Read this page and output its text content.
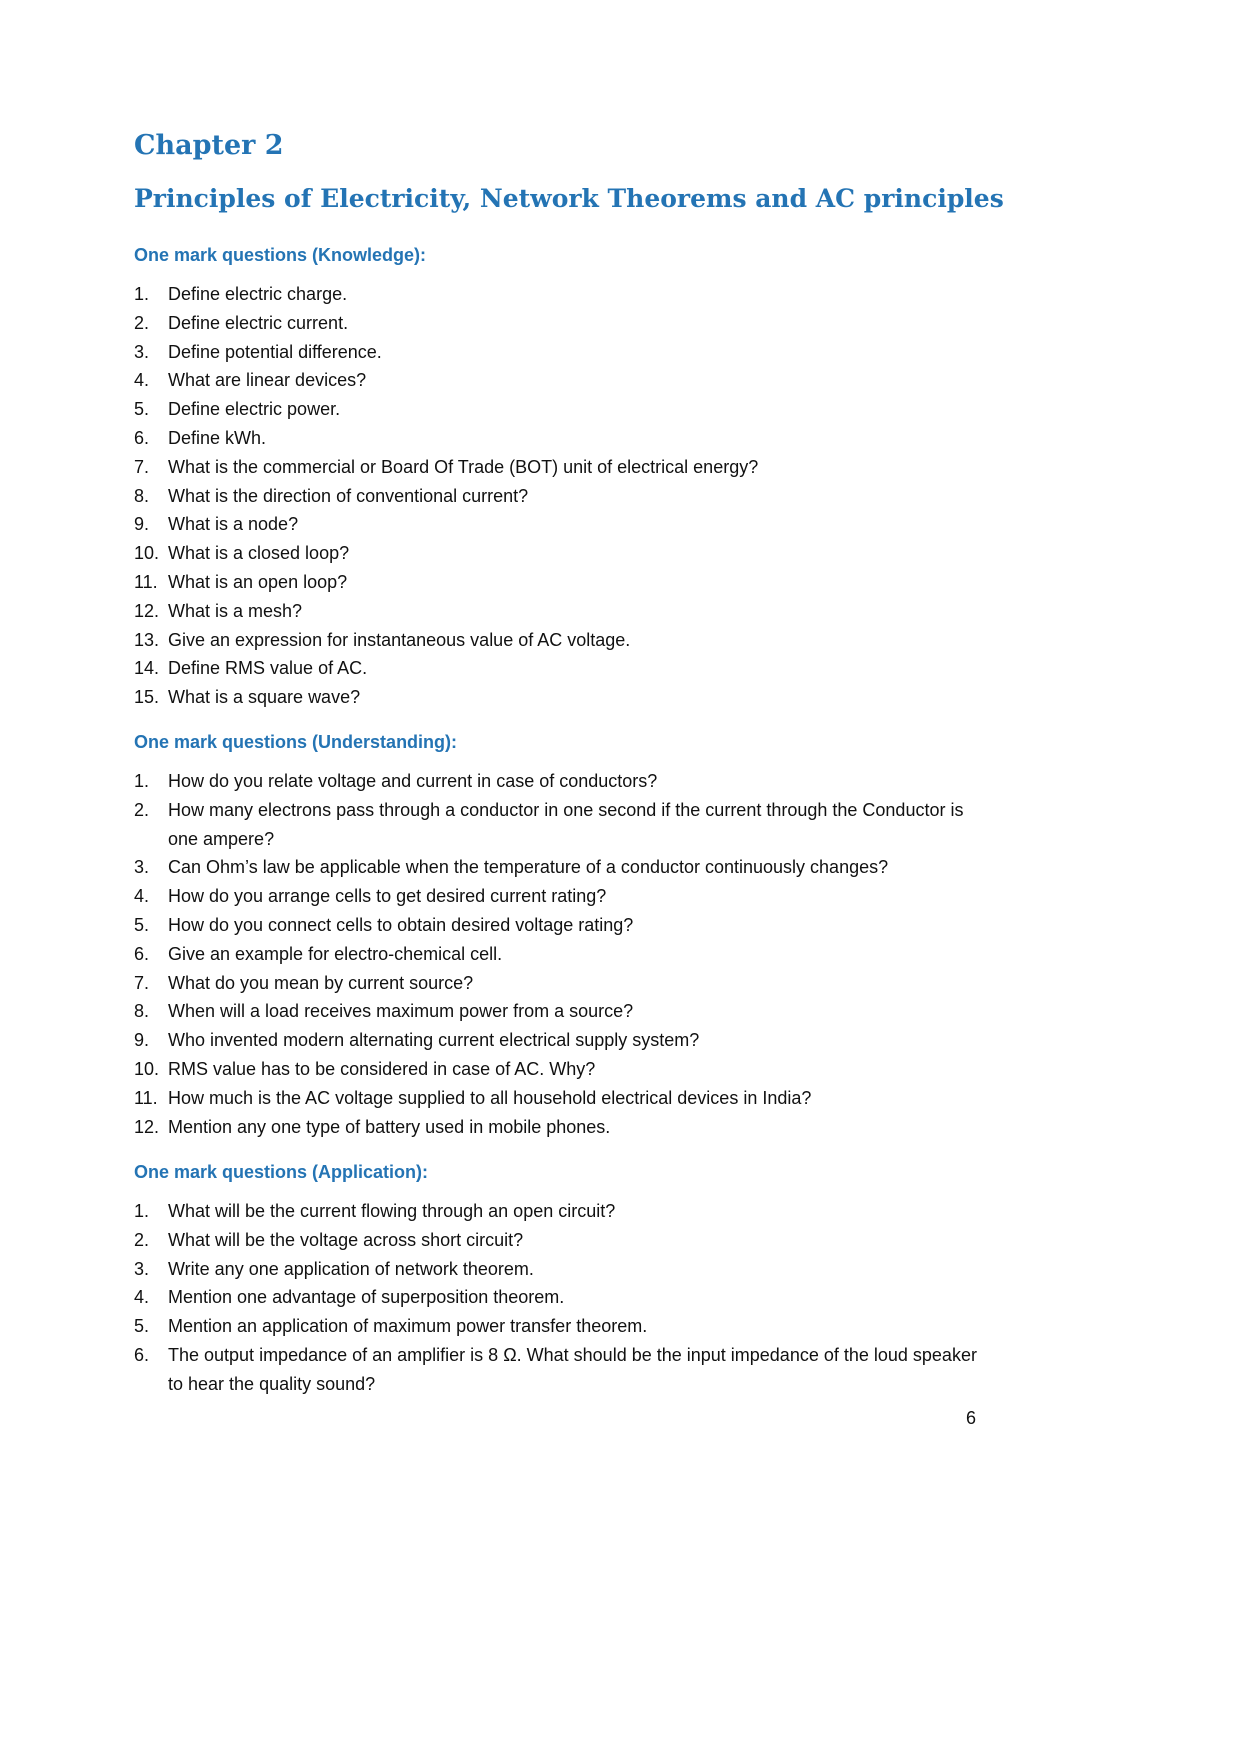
Chapter 2
Principles of Electricity, Network Theorems and AC principles
One mark questions (Knowledge):
1.	Define electric charge.
2.	Define electric current.
3.	Define potential difference.
4.	What are linear devices?
5.	Define electric power.
6.	Define kWh.
7.	What is the commercial or Board Of Trade (BOT) unit of electrical energy?
8.	What is the direction of conventional current?
9.	What is a node?
10. What is a closed loop?
11. What is an open loop?
12. What is a mesh?
13. Give an expression for instantaneous value of AC voltage.
14. Define RMS value of AC.
15. What is a square wave?
One mark questions (Understanding):
1.	How do you relate voltage and current in case of conductors?
2.	How many electrons pass through a conductor in one second if the current through the Conductor is one ampere?
3.	Can Ohm’s law be applicable when the temperature of a conductor continuously changes?
4.	How do you arrange cells to get desired current rating?
5.	How do you connect cells to obtain desired voltage rating?
6.	Give an example for electro-chemical cell.
7.	What do you mean by current source?
8.	When will a load receives maximum power from a source?
9.	Who invented modern alternating current electrical supply system?
10. RMS value has to be considered in case of AC. Why?
11. How much is the AC voltage supplied to all household electrical devices in India?
12. Mention any one type of battery used in mobile phones.
One mark questions (Application):
1.	What will be the current flowing through an open circuit?
2.	What will be the voltage across short circuit?
3.	Write any one application of network theorem.
4.	Mention one advantage of superposition theorem.
5.	Mention an application of maximum power transfer theorem.
6.	The output impedance of an amplifier is 8 Ω. What should be the input impedance of the loud speaker to hear the quality sound?
6
